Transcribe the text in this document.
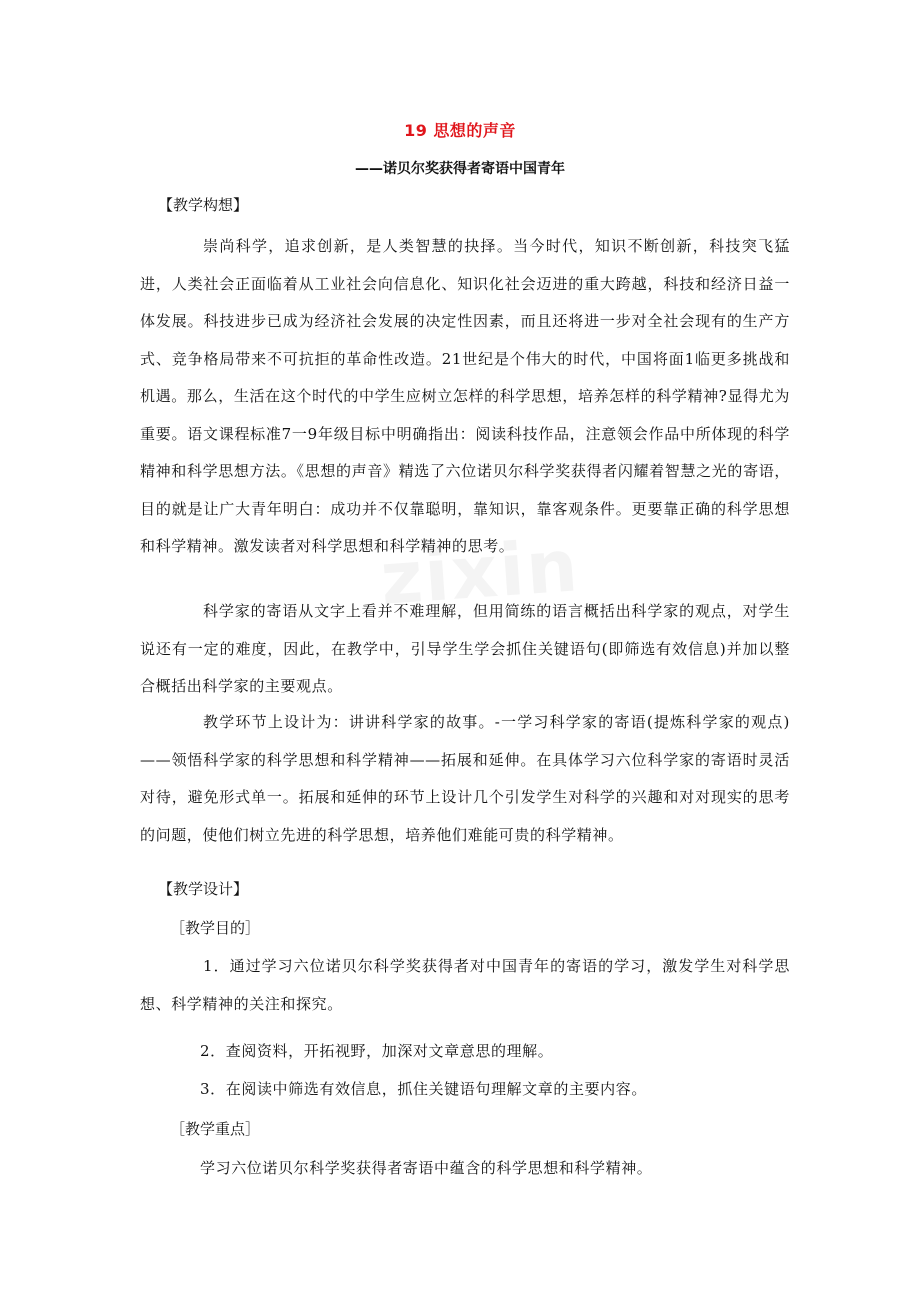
19 思想的声音
——诺贝尔奖获得者寄语中国青年
【教学构想】
崇尚科学，追求创新，是人类智慧的抉择。当今时代，知识不断创新，科技突飞猛进，人类社会正面临着从工业社会向信息化、知识化社会迈进的重大跨越，科技和经济日益一体发展。科技进步已成为经济社会发展的决定性因素，而且还将进一步对全社会现有的生产方式、竞争格局带来不可抗拒的革命性改造。21世纪是个伟大的时代，中国将面1临更多挑战和机遇。那么，生活在这个时代的中学生应树立怎样的科学思想，培养怎样的科学精神?显得尤为重要。语文课程标准7一9年级目标中明确指出：阅读科技作品，注意领会作品中所体现的科学精神和科学思想方法。《思想的声音》精选了六位诺贝尔科学奖获得者闪耀着智慧之光的寄语，目的就是让广大青年明白：成功并不仅靠聪明，靠知识，靠客观条件。更要靠正确的科学思想和科学精神。激发读者对科学思想和科学精神的思考。
科学家的寄语从文字上看并不难理解，但用简练的语言概括出科学家的观点，对学生说还有一定的难度，因此，在教学中，引导学生学会抓住关键语句(即筛选有效信息)并加以整合概括出科学家的主要观点。
教学环节上设计为：讲讲科学家的故事。-一学习科学家的寄语(提炼科学家的观点)——领悟科学家的科学思想和科学精神——拓展和延伸。在具体学习六位科学家的寄语时灵活对待，避免形式单一。拓展和延伸的环节上设计几个引发学生对科学的兴趣和对对现实的思考的问题，使他们树立先进的科学思想，培养他们难能可贵的科学精神。
【教学设计】
［教学目的］
1．通过学习六位诺贝尔科学奖获得者对中国青年的寄语的学习，激发学生对科学思想、科学精神的关注和探究。
2．查阅资料，开拓视野，加深对文章意思的理解。
3．在阅读中筛选有效信息，抓住关键语句理解文章的主要内容。
［教学重点］
学习六位诺贝尔科学奖获得者寄语中蕴含的科学思想和科学精神。
